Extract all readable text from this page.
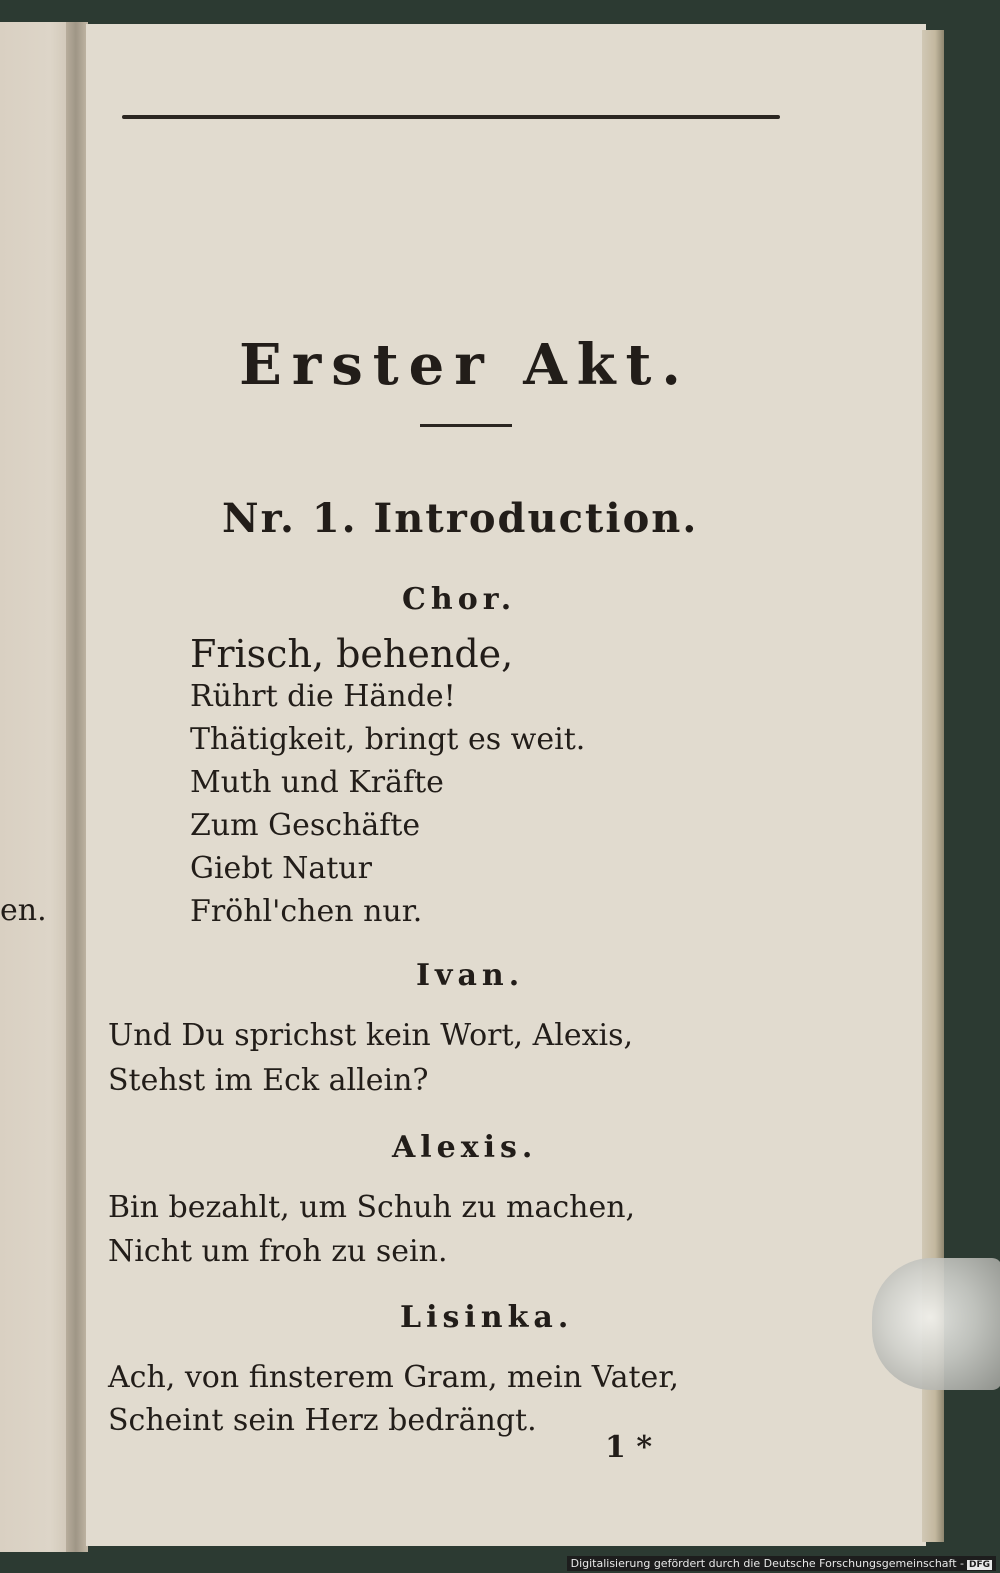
en.
Erster Akt.
Nr. 1. Introduction.
Chor.
Frisch, behende,
Rührt die Hände!
Thätigkeit, bringt es weit.
Muth und Kräfte
Zum Geschäfte
Giebt Natur
Fröhl'chen nur.
Ivan.
Und Du sprichst kein Wort, Alexis,
Stehst im Eck allein?
Alexis.
Bin bezahlt, um Schuh zu machen,
Nicht um froh zu sein.
Lisinka.
Ach, von finsterem Gram, mein Vater,
Scheint sein Herz bedrängt.
1 *
Digitalisierung gefördert durch die Deutsche Forschungsgemeinschaft - DFG
